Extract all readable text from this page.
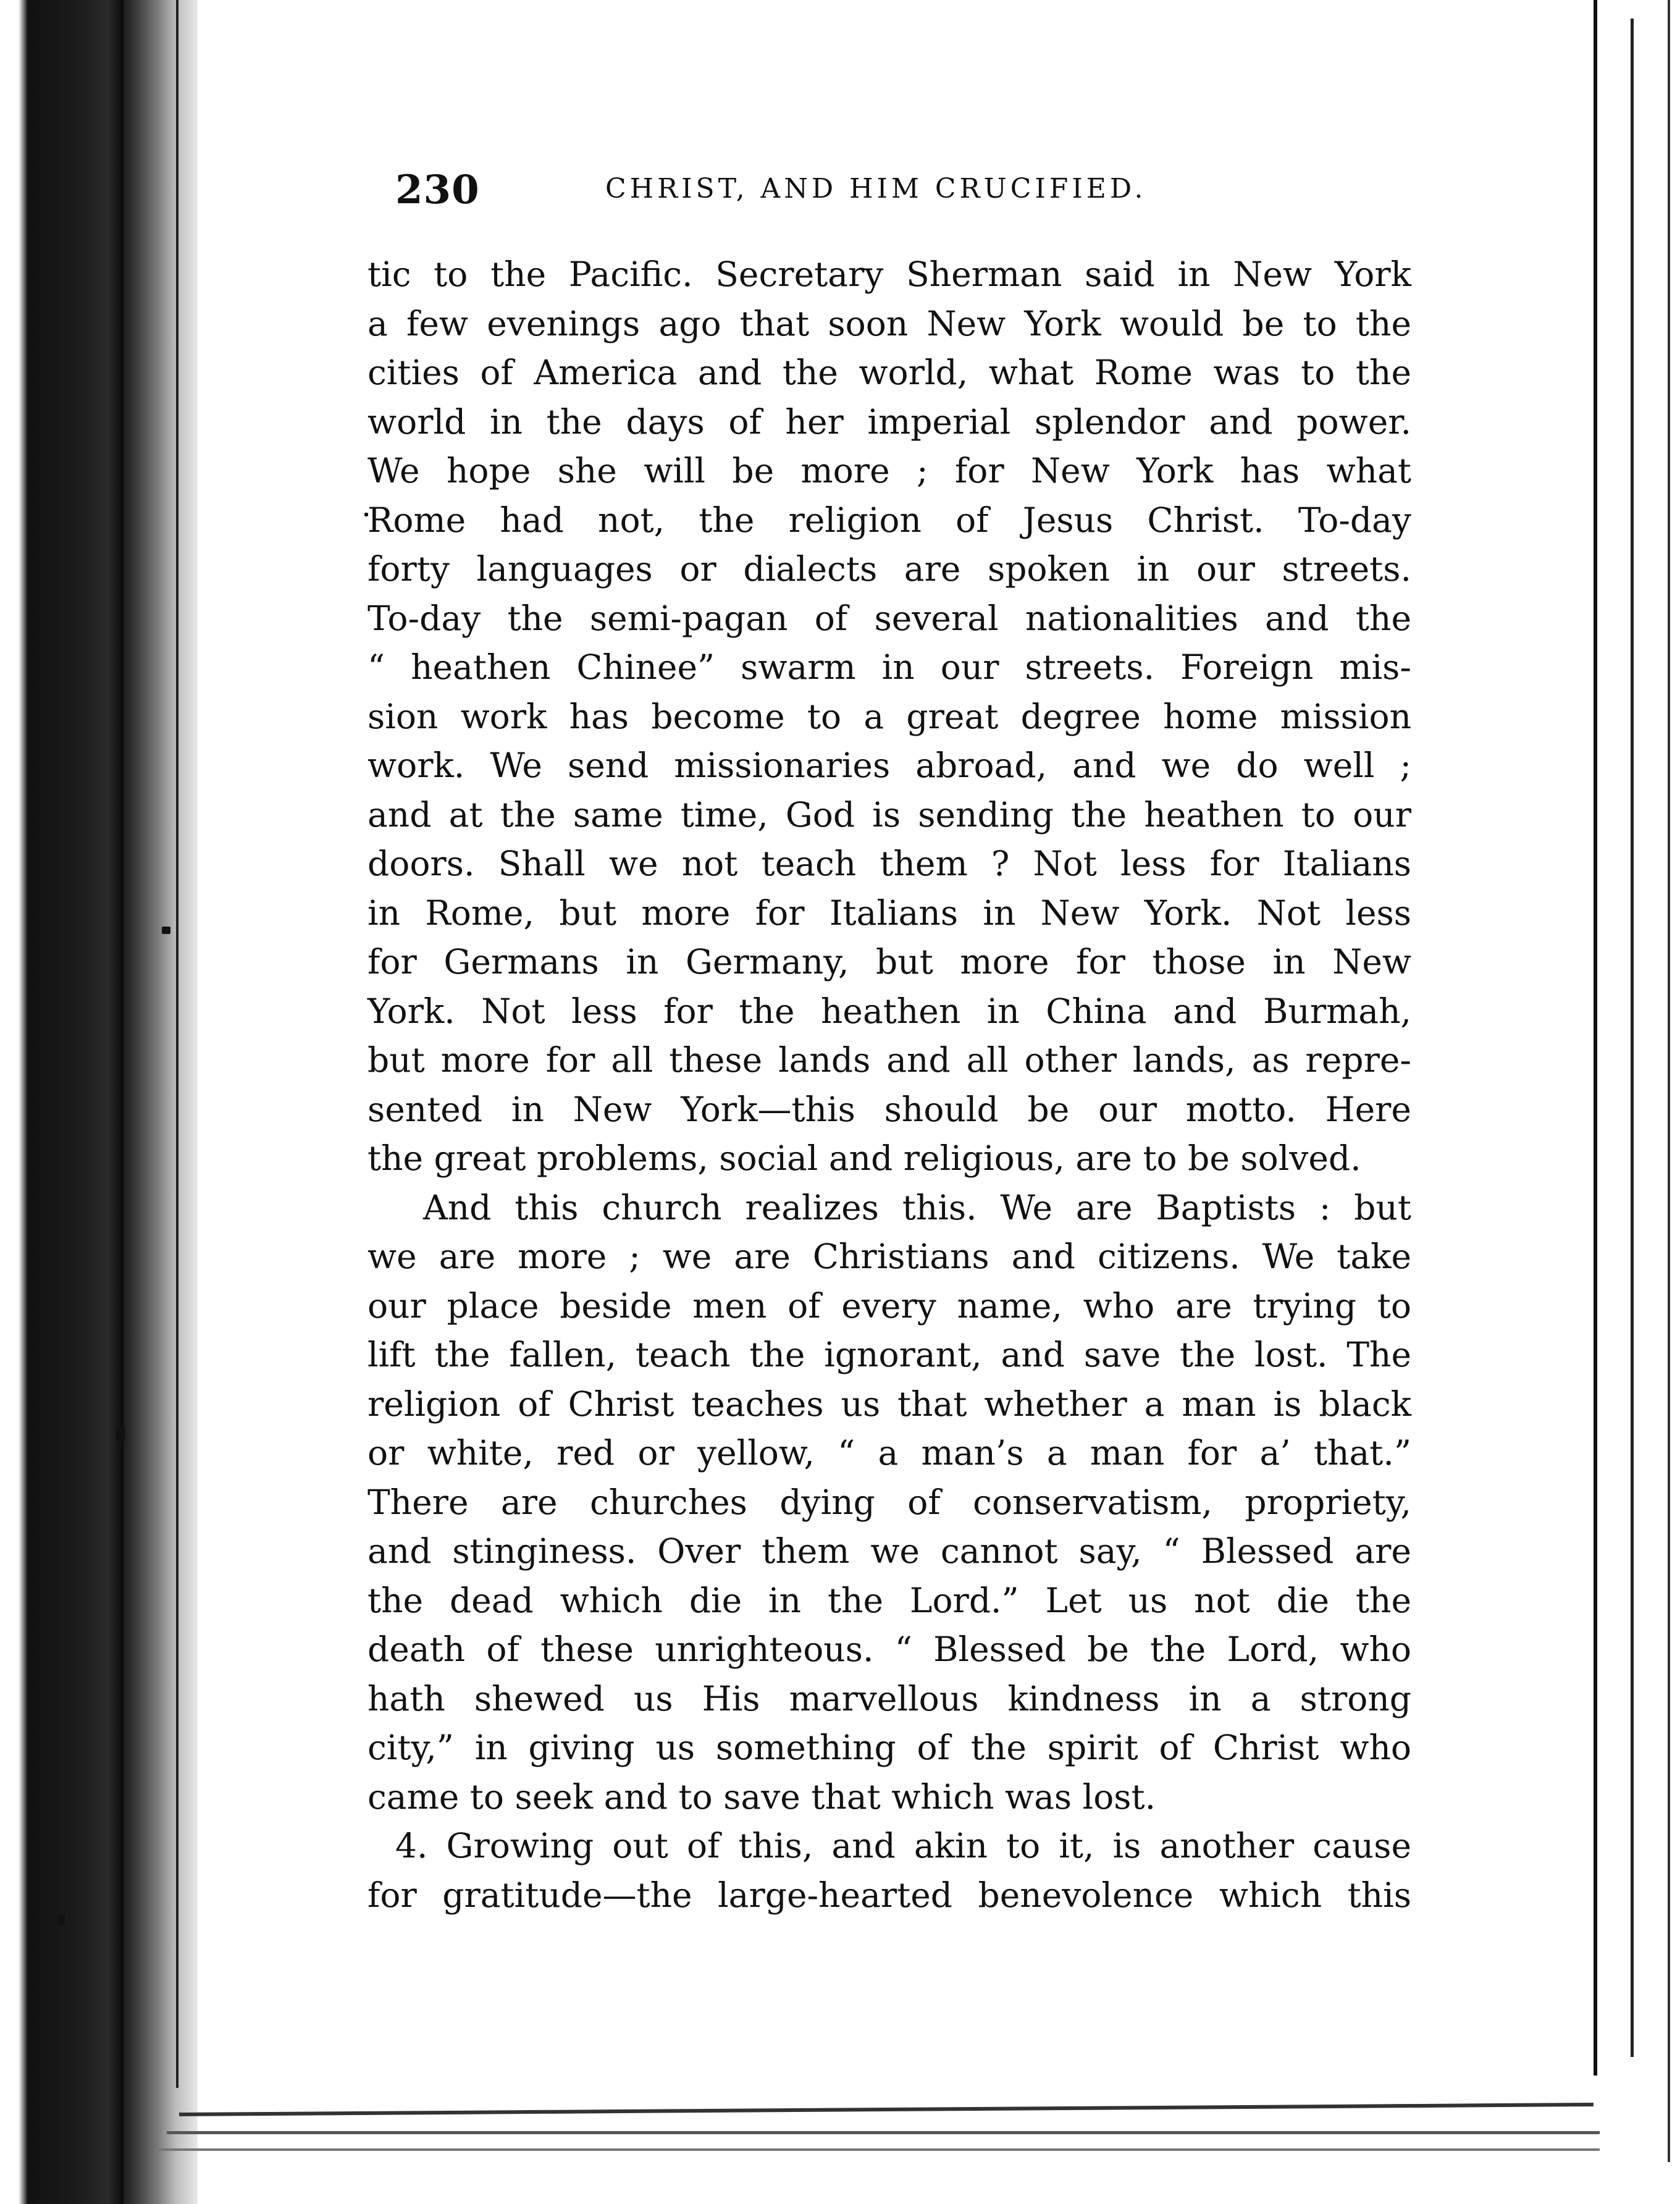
230	CHRIST, AND HIM CRUCIFIED.
tic to the Pacific. Secretary Sherman said in New York
a few evenings ago that soon New York would be to the
cities of America and the world, what Rome was to the
world in the days of her imperial splendor and power.
We hope she will be more ; for New York has what
Rome had not, the religion of Jesus Christ. To-day
forty languages or dialects are spoken in our streets.
To-day the semi-pagan of several nationalities and the
“ heathen Chinee” swarm in our streets. Foreign mis-
sion work has become to a great degree home mission
work. We send missionaries abroad, and we do well ;
and at the same time, God is sending the heathen to our
doors. Shall we not teach them ? Not less for Italians
in Rome, but more for Italians in New York. Not less
for Germans in Germany, but more for those in New
York. Not less for the heathen in China and Burmah,
but more for all these lands and all other lands, as repre-
sented in New York—this should be our motto. Here
the great problems, social and religious, are to be solved.
And this church realizes this. We are Baptists : but
we are more ; we are Christians and citizens. We take
our place beside men of every name, who are trying to
lift the fallen, teach the ignorant, and save the lost. The
religion of Christ teaches us that whether a man is black
or white, red or yellow, “ a man’s a man for a’ that.”
There are churches dying of conservatism, propriety,
and stinginess. Over them we cannot say, “ Blessed are
the dead which die in the Lord.” Let us not die the
death of these unrighteous. “ Blessed be the Lord, who
hath shewed us His marvellous kindness in a strong
city,” in giving us something of the spirit of Christ who
came to seek and to save that which was lost.
4. Growing out of this, and akin to it, is another cause
for gratitude—the large-hearted benevolence which this
